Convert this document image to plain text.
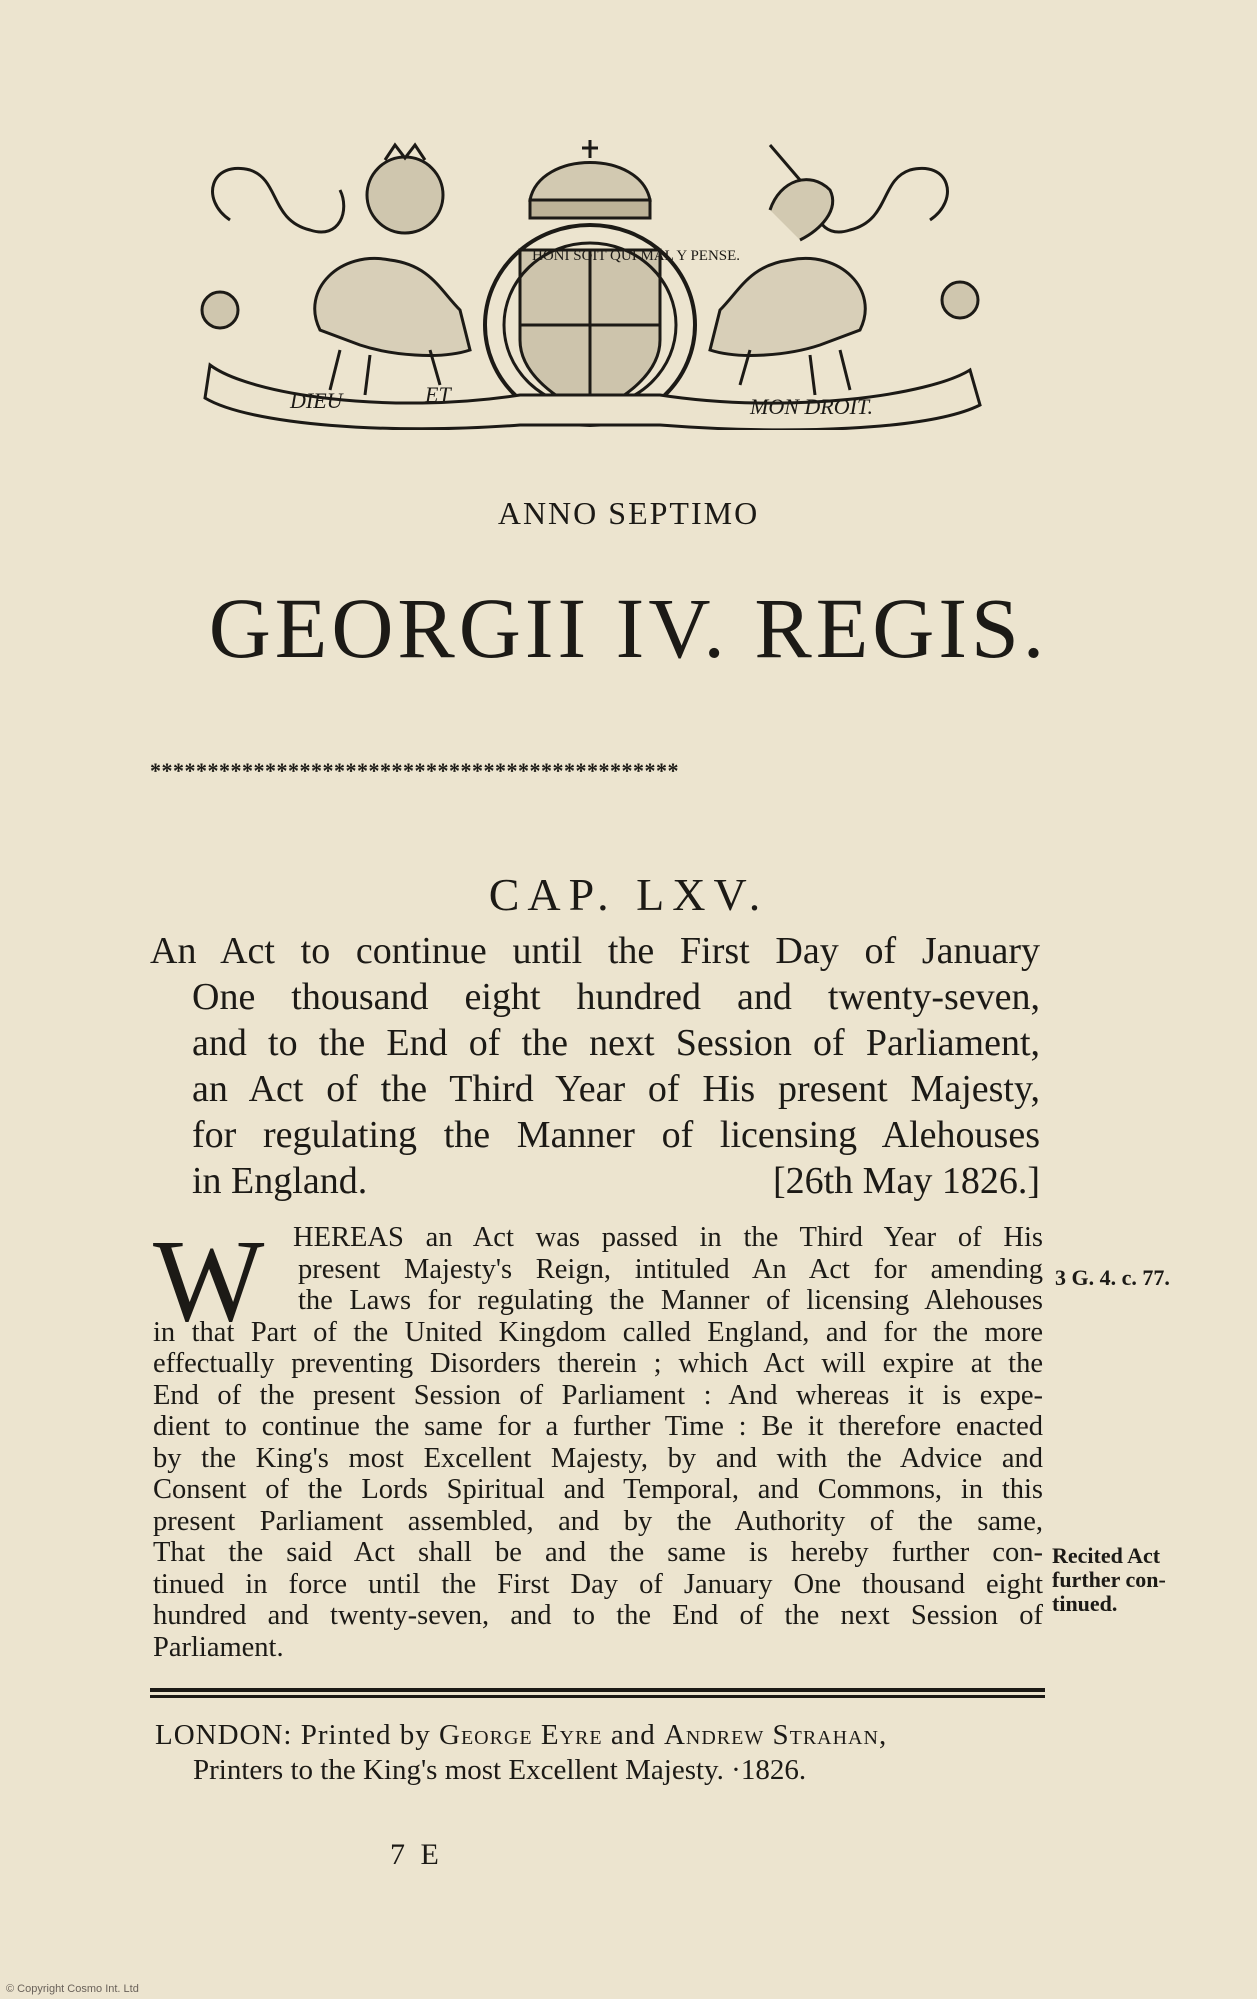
DIEU	ET	MON DROIT.
HONI SOIT QUI MAL Y PENSE.
ANNO SEPTIMO
GEORGII IV. REGIS.
**********************************************
CAP. LXV.
An Act to continue until the First Day of January
One thousand eight hundred and twenty-seven,
and to the End of the next Session of Parliament,
an Act of the Third Year of His present Majesty,
for regulating the Manner of licensing Alehouses
in England.	[26th May 1826.]
W	HEREAS an Act was passed in the Third Year of His
present Majesty's Reign, intituled An Act for amending
the Laws for regulating the Manner of licensing Alehouses
in that Part of the United Kingdom called England, and for the more
effectually preventing Disorders therein ; which Act will expire at the
End of the present Session of Parliament : And whereas it is expe-
dient to continue the same for a further Time : Be it therefore enacted
by the King's most Excellent Majesty, by and with the Advice and
Consent of the Lords Spiritual and Temporal, and Commons, in this
present Parliament assembled, and by the Authority of the same,
That the said Act shall be and the same is hereby further con-
tinued in force until the First Day of January One thousand eight
hundred and twenty-seven, and to the End of the next Session of
Parliament.
3 G. 4. c. 77.
Recited Act
further con-
tinued.
LONDON: Printed by George Eyre and Andrew Strahan,
Printers to the King's most Excellent Majesty. ·1826.
7 E
© Copyright Cosmo Int. Ltd
